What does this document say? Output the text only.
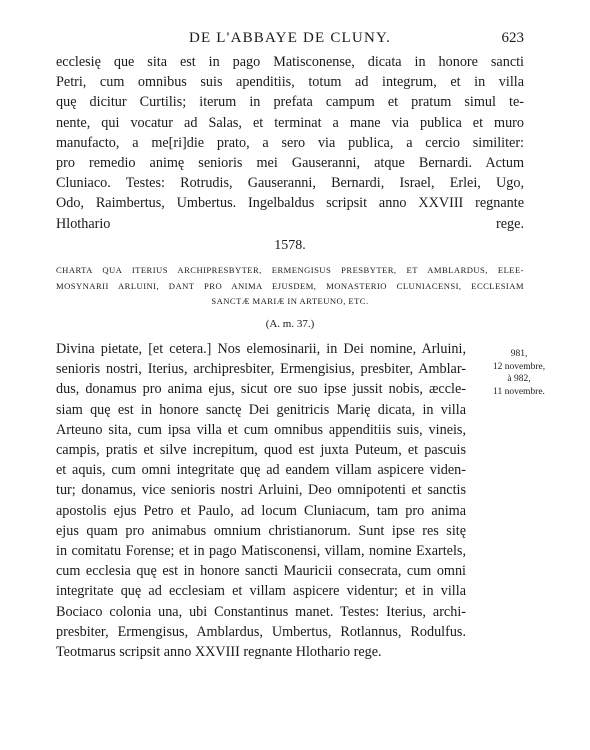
DE L'ABBAYE DE CLUNY.	623
ecclesię que sita est in pago Matisconense, dicata in honore sancti
Petri, cum omnibus suis apenditiis, totum ad integrum, et in villa
quę dicitur Curtilis; iterum in prefata campum et pratum simul te-
nente, qui vocatur ad Salas, et terminat a mane via publica et muro
manufacto, a me[ri]die prato, a sero via publica, a cercio similiter:
pro remedio animę senioris mei Gauseranni, atque Bernardi. Actum
Cluniaco. Testes: Rotrudis, Gauseranni, Bernardi, Israel, Erlei, Ugo,
Odo, Raimbertus, Umbertus. Ingelbaldus scripsit anno XXVIII regnante
Hlothario rege.
1578.
CHARTA QUA ITERIUS ARCHIPRESBYTER, ERMENGISUS PRESBYTER, ET AMBLARDUS, ELEE-
MOSYNARII ARLUINI, DANT PRO ANIMA EJUSDEM, MONASTERIO CLUNIACENSI, ECCLESIAM
SANCTÆ MARIÆ IN ARTEUNO, ETC.
(A. m. 37.)
981,
12 novembre,
à 982,
11 novembre.
Divina pietate, [et cetera.] Nos elemosinarii, in Dei nomine, Arluini,
senioris nostri, Iterius, archipresbiter, Ermengisius, presbiter, Amblar-
dus, donamus pro anima ejus, sicut ore suo ipse jussit nobis, æccle-
siam quę est in honore sanctę Dei genitricis Marię dicata, in villa
Arteuno sita, cum ipsa villa et cum omnibus appenditiis suis, vineis,
campis, pratis et silve increpitum, quod est juxta Puteum, et pascuis
et aquis, cum omni integritate quę ad eandem villam aspicere viden-
tur; donamus, vice senioris nostri Arluini, Deo omnipotenti et sanctis
apostolis ejus Petro et Paulo, ad locum Cluniacum, tam pro anima
ejus quam pro animabus omnium christianorum. Sunt ipse res sitę
in comitatu Forense; et in pago Matisconensi, villam, nomine Exartels,
cum ecclesia quę est in honore sancti Mauricii consecrata, cum omni
integritate quę ad ecclesiam et villam aspicere videntur; et in villa
Bociaco colonia una, ubi Constantinus manet. Testes: Iterius, archi-
presbiter, Ermengisus, Amblardus, Umbertus, Rotlannus, Rodulfus.
Teotmarus scripsit anno XXVIII regnante Hlothario rege.
